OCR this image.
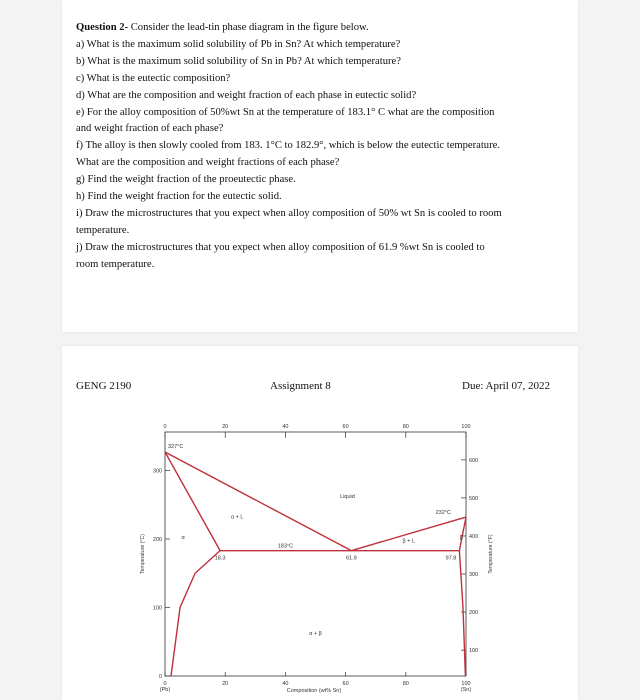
Question 2- Consider the lead-tin phase diagram in the figure below.

a) What is the maximum solid solubility of Pb in Sn? At which temperature?

b) What is the maximum solid solubility of Sn in Pb? At which temperature?

c) What is the eutectic composition?

d) What are the composition and weight fraction of each phase in eutectic solid?

e) For the alloy composition of 50%wt Sn at the temperature of 183.1° C what are the composition

and weight fraction of each phase?

f) The alloy is then slowly cooled from 183. 1°C to 182.9°, which is below the eutectic temperature.

What are the composition and weight fractions of each phase?

g) Find the weight fraction of the proeutectic phase.

h) Find the weight fraction for the eutectic solid.

i) Draw the microstructures that you expect when alloy composition of 50% wt Sn is cooled to room

temperature.

j) Draw the microstructures that you expect when alloy composition of 61.9 %wt Sn is cooled to

room temperature.

GENG 2190	Assignment 8	Due: April 07, 2022
0	20	40	60	80	100
0	20	40	60	80	100
0
100
200
300
100
200
300
400
500
600
Liquid
α + L
β + L
α + β
α	β
327°C
232°C
183°C
18.3	61.9	97.8
Composition (wt% Sn)
Temperature (°C)	Temperature (°F)
(Pb)	(Sn)
